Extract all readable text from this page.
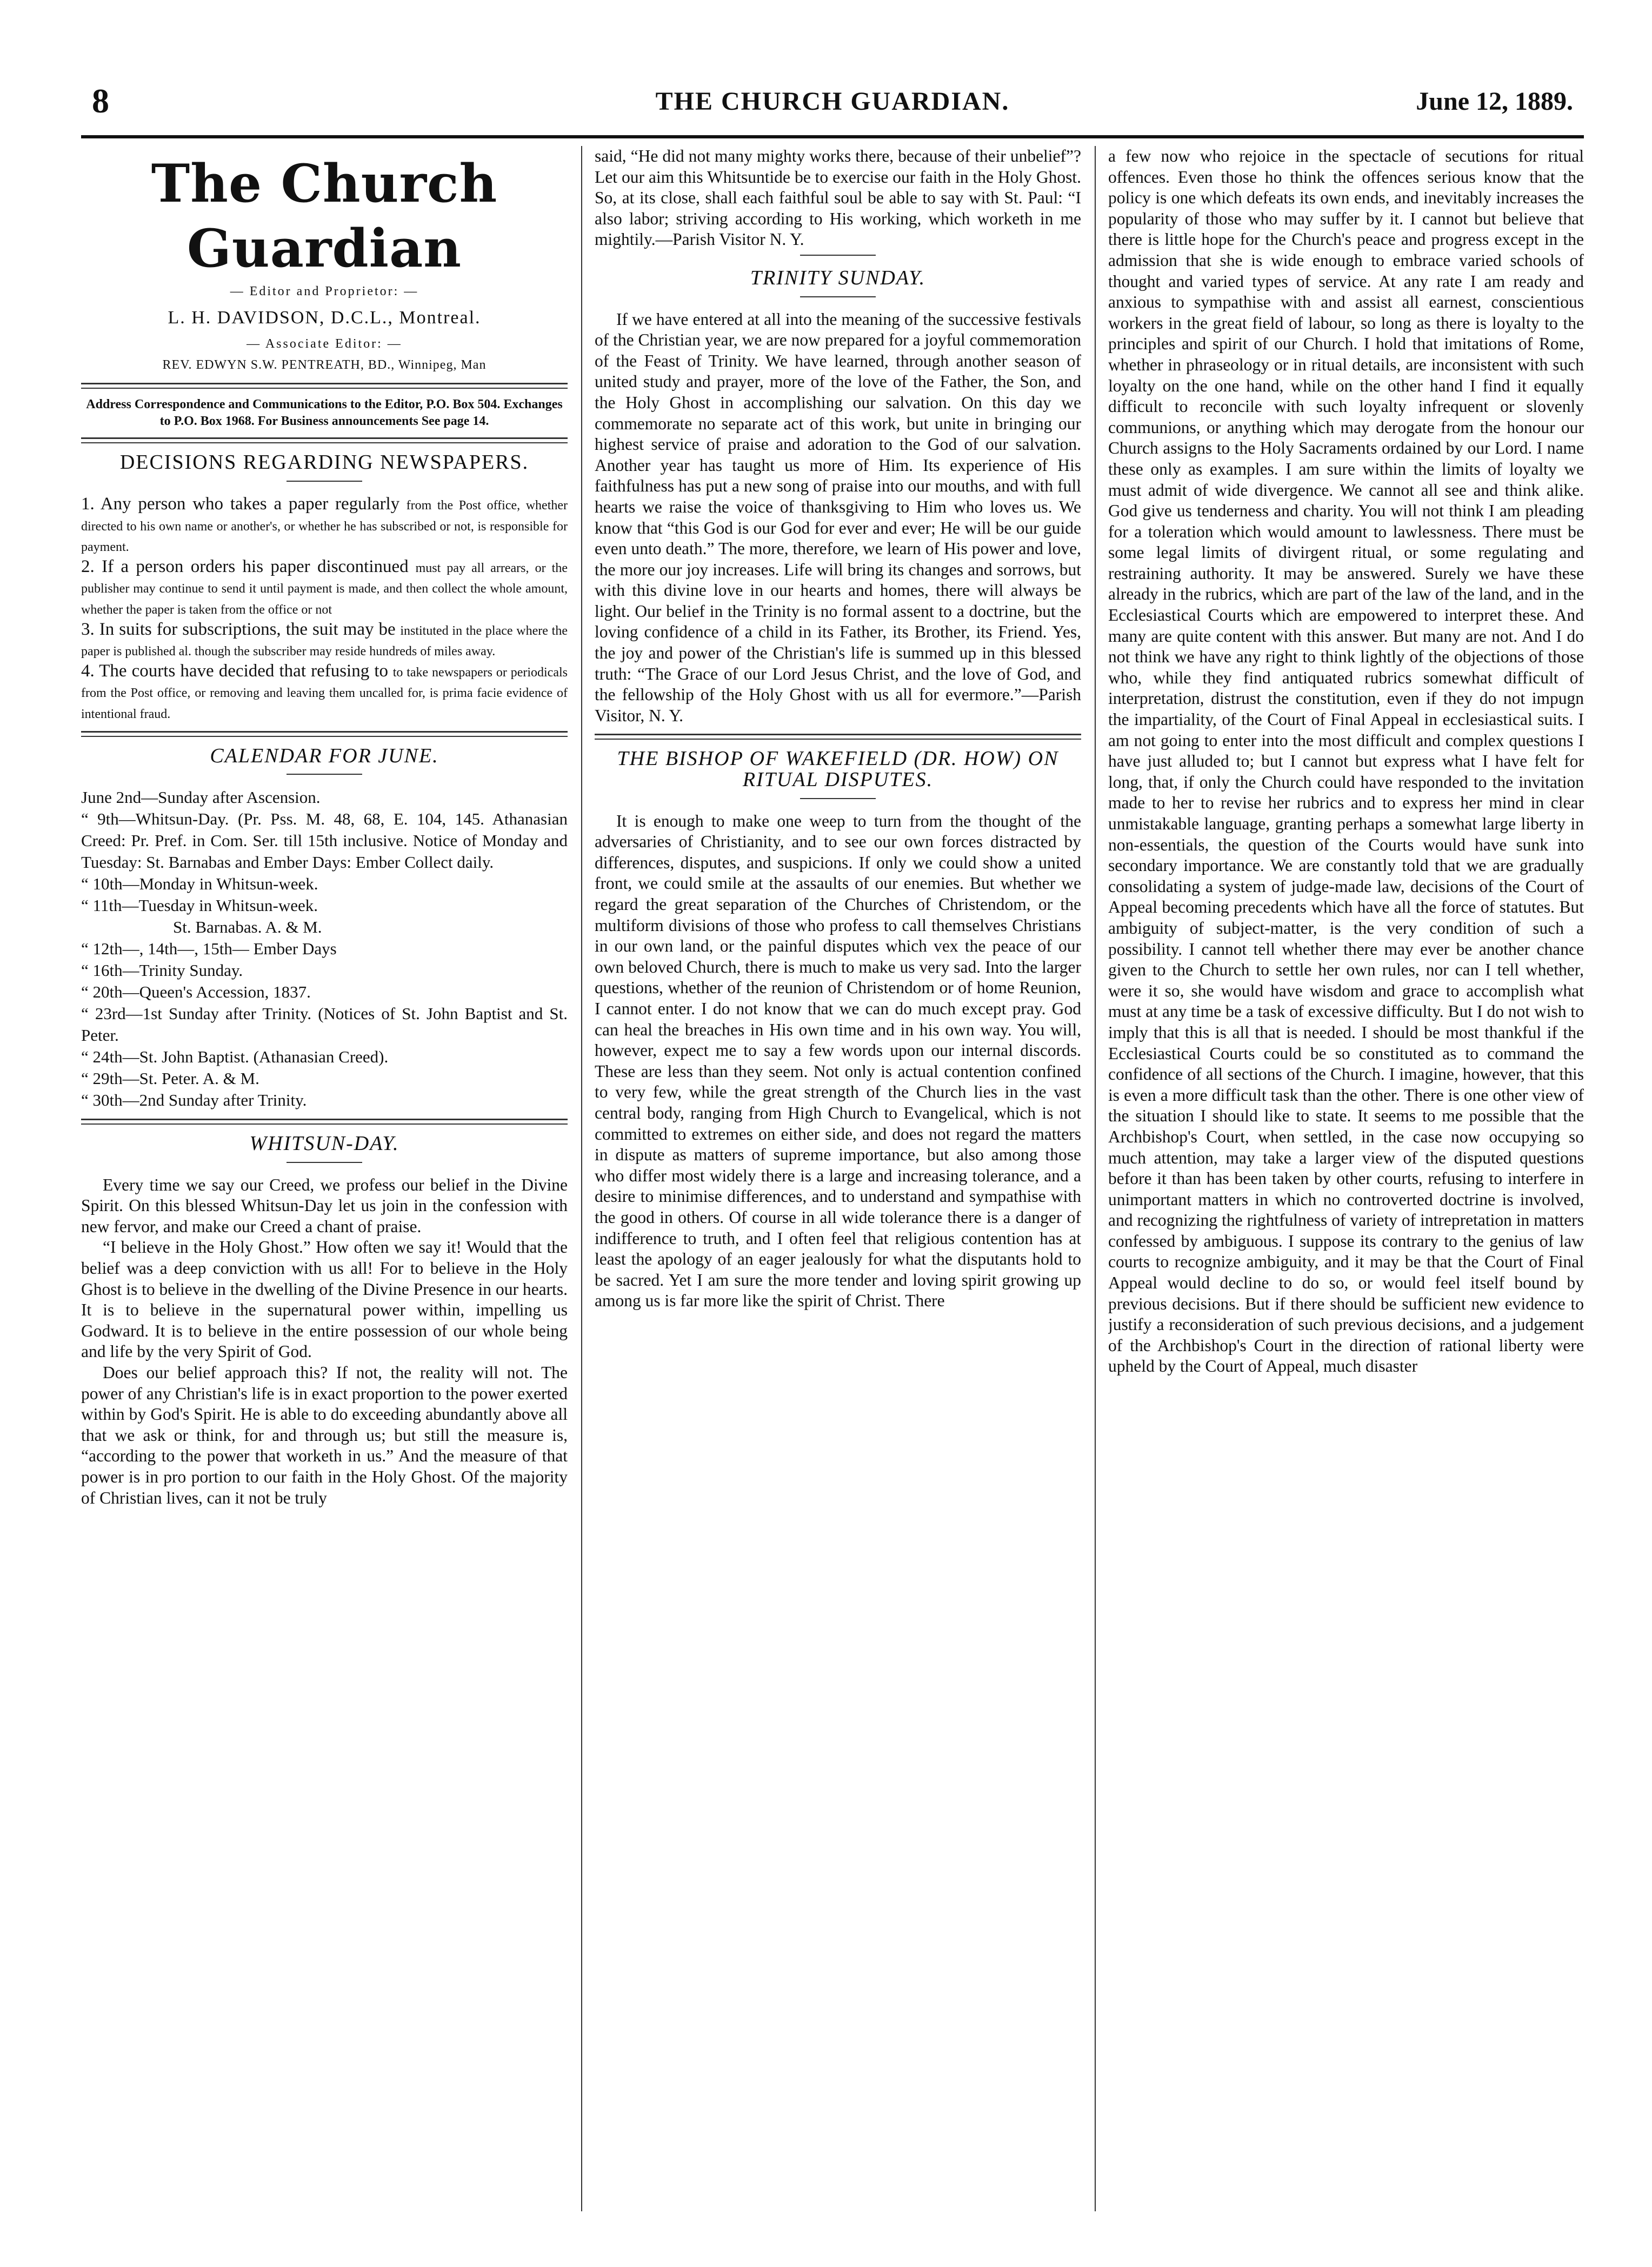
8	THE CHURCH GUARDIAN.	June 12, 1889.
The Church Guardian

— Editor and Proprietor: —

L. H. DAVIDSON, D.C.L., Montreal.

— Associate Editor: —

REV. EDWYN S.W. PENTREATH, BD., Winnipeg, Man

Address Correspondence and Communications to the Editor, P.O. Box 504. Exchanges to P.O. Box 1968. For Business announcements See page 14.

DECISIONS REGARDING NEWSPAPERS.

1. Any person who takes a paper regularly from the Post office, whether directed to his own name or another's, or whether he has subscribed or not, is responsible for payment.

2. If a person orders his paper discontinued must pay all arrears, or the publisher may continue to send it until payment is made, and then collect the whole amount, whether the paper is taken from the office or not

3. In suits for subscriptions, the suit may be instituted in the place where the paper is published al. though the subscriber may reside hundreds of miles away.

4. The courts have decided that refusing to to take newspapers or periodicals from the Post office, or removing and leaving them uncalled for, is prima facie evidence of intentional fraud.

CALENDAR FOR JUNE.

June 2nd—Sunday after Ascension.

“ 9th—Whitsun-Day. (Pr. Pss. M. 48, 68, E. 104, 145. Athanasian Creed: Pr. Pref. in Com. Ser. till 15th inclusive. Notice of Monday and Tuesday: St. Barnabas and Ember Days: Ember Collect daily.

“ 10th—Monday in Whitsun-week.

“ 11th—Tuesday in Whitsun-week.

St. Barnabas. A. & M.

“ 12th—, 14th—, 15th— Ember Days

“ 16th—Trinity Sunday.

“ 20th—Queen's Accession, 1837.

“ 23rd—1st Sunday after Trinity. (Notices of St. John Baptist and St. Peter.

“ 24th—St. John Baptist. (Athanasian Creed).

“ 29th—St. Peter. A. & M.

“ 30th—2nd Sunday after Trinity.

WHITSUN-DAY.

Every time we say our Creed, we profess our belief in the Divine Spirit. On this blessed Whitsun-Day let us join in the confession with new fervor, and make our Creed a chant of praise.

“I believe in the Holy Ghost.” How often we say it! Would that the belief was a deep conviction with us all! For to believe in the Holy Ghost is to believe in the dwelling of the Divine Presence in our hearts. It is to believe in the supernatural power within, impelling us Godward. It is to believe in the entire possession of our whole being and life by the very Spirit of God.

Does our belief approach this? If not, the reality will not. The power of any Christian's life is in exact proportion to the power exerted within by God's Spirit. He is able to do exceeding abundantly above all that we ask or think, for and through us; but still the measure is, “according to the power that worketh in us.” And the measure of that power is in pro portion to our faith in the Holy Ghost. Of the majority of Christian lives, can it not be truly

said, “He did not many mighty works there, because of their unbelief”? Let our aim this Whitsuntide be to exercise our faith in the Holy Ghost. So, at its close, shall each faithful soul be able to say with St. Paul: “I also labor; striving according to His working, which worketh in me mightily.—Parish Visitor N. Y.

TRINITY SUNDAY.

If we have entered at all into the meaning of the successive festivals of the Christian year, we are now prepared for a joyful commemoration of the Feast of Trinity. We have learned, through another season of united study and prayer, more of the love of the Father, the Son, and the Holy Ghost in accomplishing our salvation. On this day we commemorate no separate act of this work, but unite in bringing our highest service of praise and adoration to the God of our salvation. Another year has taught us more of Him. Its experience of His faithfulness has put a new song of praise into our mouths, and with full hearts we raise the voice of thanksgiving to Him who loves us. We know that “this God is our God for ever and ever; He will be our guide even unto death.” The more, therefore, we learn of His power and love, the more our joy increases. Life will bring its changes and sorrows, but with this divine love in our hearts and homes, there will always be light. Our belief in the Trinity is no formal assent to a doctrine, but the loving confidence of a child in its Father, its Brother, its Friend. Yes, the joy and power of the Christian's life is summed up in this blessed truth: “The Grace of our Lord Jesus Christ, and the love of God, and the fellowship of the Holy Ghost with us all for evermore.”—Parish Visitor, N. Y.

THE BISHOP OF WAKEFIELD (DR. HOW) ON RITUAL DISPUTES.

It is enough to make one weep to turn from the thought of the adversaries of Christianity, and to see our own forces distracted by differences, disputes, and suspicions. If only we could show a united front, we could smile at the assaults of our enemies. But whether we regard the great separation of the Churches of Christendom, or the multiform divisions of those who profess to call themselves Christians in our own land, or the painful disputes which vex the peace of our own beloved Church, there is much to make us very sad. Into the larger questions, whether of the reunion of Christendom or of home Reunion, I cannot enter. I do not know that we can do much except pray. God can heal the breaches in His own time and in his own way. You will, however, expect me to say a few words upon our internal discords. These are less than they seem. Not only is actual contention confined to very few, while the great strength of the Church lies in the vast central body, ranging from High Church to Evangelical, which is not committed to extremes on either side, and does not regard the matters in dispute as matters of supreme importance, but also among those who differ most widely there is a large and increasing tolerance, and a desire to minimise differences, and to understand and sympathise with the good in others. Of course in all wide tolerance there is a danger of indifference to truth, and I often feel that religious contention has at least the apology of an eager jealously for what the disputants hold to be sacred. Yet I am sure the more tender and loving spirit growing up among us is far more like the spirit of Christ. There

a few now who rejoice in the spectacle of secutions for ritual offences. Even those ho think the offences serious know that the policy is one which defeats its own ends, and inevitably increases the popularity of those who may suffer by it. I cannot but believe that there is little hope for the Church's peace and progress except in the admission that she is wide enough to embrace varied schools of thought and varied types of service. At any rate I am ready and anxious to sympathise with and assist all earnest, conscientious workers in the great field of labour, so long as there is loyalty to the principles and spirit of our Church. I hold that imitations of Rome, whether in phraseology or in ritual details, are inconsistent with such loyalty on the one hand, while on the other hand I find it equally difficult to reconcile with such loyalty infrequent or slovenly communions, or anything which may derogate from the honour our Church assigns to the Holy Sacraments ordained by our Lord. I name these only as examples. I am sure within the limits of loyalty we must admit of wide divergence. We cannot all see and think alike. God give us tenderness and charity. You will not think I am pleading for a toleration which would amount to lawlessness. There must be some legal limits of divirgent ritual, or some regulating and restraining authority. It may be answered. Surely we have these already in the rubrics, which are part of the law of the land, and in the Ecclesiastical Courts which are empowered to interpret these. And many are quite content with this answer. But many are not. And I do not think we have any right to think lightly of the objections of those who, while they find antiquated rubrics somewhat difficult of interpretation, distrust the constitution, even if they do not impugn the impartiality, of the Court of Final Appeal in ecclesiastical suits. I am not going to enter into the most difficult and complex questions I have just alluded to; but I cannot but express what I have felt for long, that, if only the Church could have responded to the invitation made to her to revise her rubrics and to express her mind in clear unmistakable language, granting perhaps a somewhat large liberty in non-essentials, the question of the Courts would have sunk into secondary importance. We are constantly told that we are gradually consolidating a system of judge-made law, decisions of the Court of Appeal becoming precedents which have all the force of statutes. But ambiguity of subject-matter, is the very condition of such a possibility. I cannot tell whether there may ever be another chance given to the Church to settle her own rules, nor can I tell whether, were it so, she would have wisdom and grace to accomplish what must at any time be a task of excessive difficulty. But I do not wish to imply that this is all that is needed. I should be most thankful if the Ecclesiastical Courts could be so constituted as to command the confidence of all sections of the Church. I imagine, however, that this is even a more difficult task than the other. There is one other view of the situation I should like to state. It seems to me possible that the Archbishop's Court, when settled, in the case now occupying so much attention, may take a larger view of the disputed questions before it than has been taken by other courts, refusing to interfere in unimportant matters in which no controverted doctrine is involved, and recognizing the rightfulness of variety of intrepretation in matters confessed by ambiguous. I suppose its contrary to the genius of law courts to recognize ambiguity, and it may be that the Court of Final Appeal would decline to do so, or would feel itself bound by previous decisions. But if there should be sufficient new evidence to justify a reconsideration of such previous decisions, and a judgement of the Archbishop's Court in the direction of rational liberty were upheld by the Court of Appeal, much disaster
